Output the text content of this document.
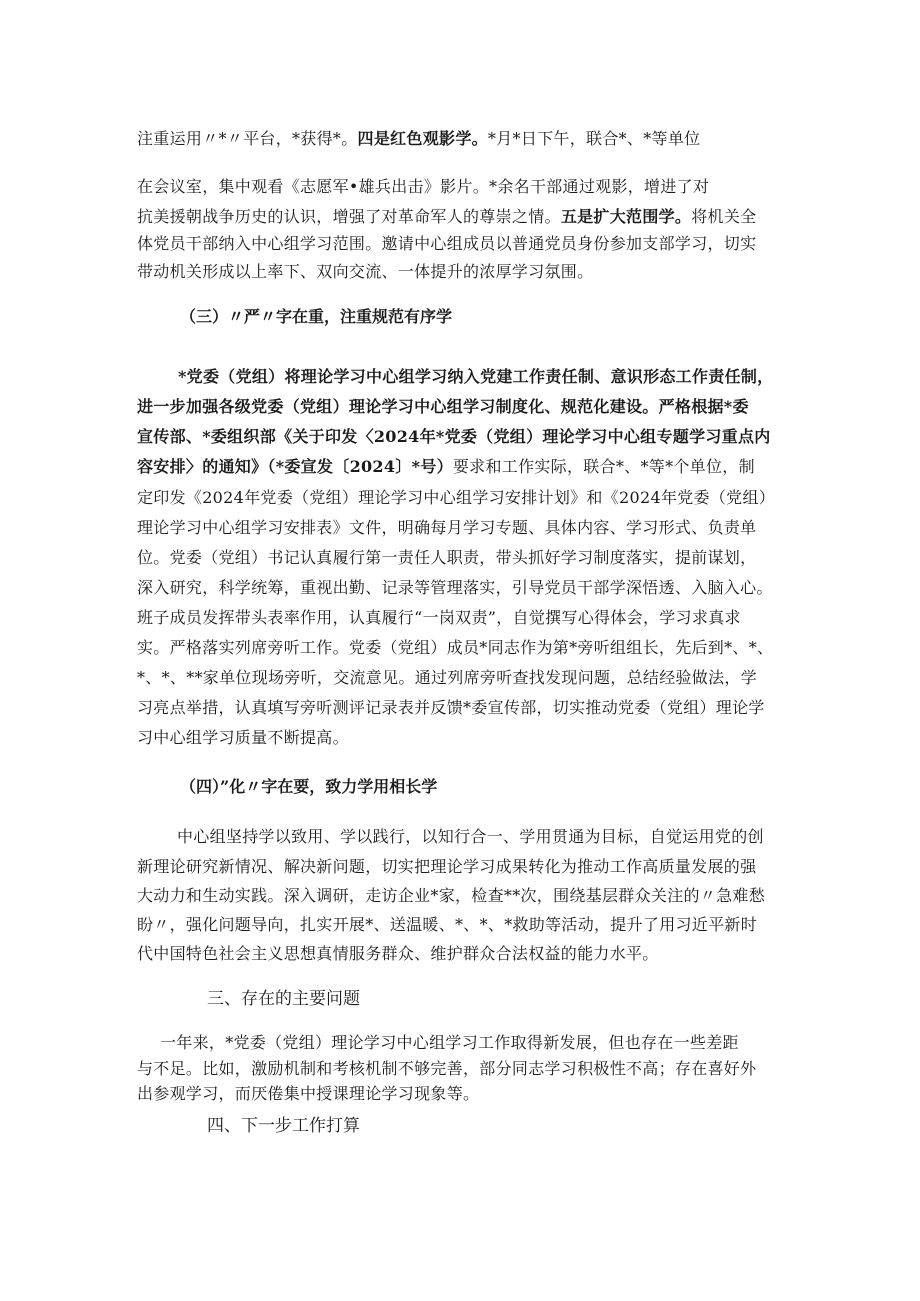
注重运用〃*〃平台，*获得*。四是红色观影学。*月*日下午，联合*、*等单位
在会议室，集中观看《志愿军•雄兵出击》影片。*余名干部通过观影，增进了对
抗美援朝战争历史的认识，增强了对革命军人的尊崇之情。五是扩大范围学。将机关全
体党员干部纳入中心组学习范围。邀请中心组成员以普通党员身份参加支部学习，切实
带动机关形成以上率下、双向交流、一体提升的浓厚学习氛围。
（三）〃严〃字在重，注重规范有序学
*党委（党组）将理论学习中心组学习纳入党建工作责任制、意识形态工作责任制，
进一步加强各级党委（党组）理论学习中心组学习制度化、规范化建设。严格根据*委
宣传部、*委组织部《关于印发〈2024年*党委（党组）理论学习中心组专题学习重点内
容安排〉的通知》（*委宣发〔2024〕*号）要求和工作实际，联合*、*等*个单位，制
定印发《2024年党委（党组）理论学习中心组学习安排计划》和《2024年党委（党组）
理论学习中心组学习安排表》文件，明确每月学习专题、具体内容、学习形式、负责单
位。党委（党组）书记认真履行第一责任人职责，带头抓好学习制度落实，提前谋划，
深入研究，科学统筹，重视出勤、记录等管理落实，引导党员干部学深悟透、入脑入心。
班子成员发挥带头表率作用，认真履行“一岗双责”，自觉撰写心得体会，学习求真求
实。严格落实列席旁听工作。党委（党组）成员*同志作为第*旁听组组长，先后到*、*、
*、*、**家单位现场旁听，交流意见。通过列席旁听查找发现问题，总结经验做法，学
习亮点举措，认真填写旁听测评记录表并反馈*委宣传部，切实推动党委（党组）理论学
习中心组学习质量不断提高。
（四）”化〃字在要，致力学用相长学
中心组坚持学以致用、学以践行，以知行合一、学用贯通为目标，自觉运用党的创
新理论研究新情况、解决新问题，切实把理论学习成果转化为推动工作高质量发展的强
大动力和生动实践。深入调研，走访企业*家，检查**次，围绕基层群众关注的〃急难愁
盼〃，强化问题导向，扎实开展*、送温暖、*、*、*救助等活动，提升了用习近平新时
代中国特色社会主义思想真情服务群众、维护群众合法权益的能力水平。
三、存在的主要问题
一年来，*党委（党组）理论学习中心组学习工作取得新发展，但也存在一些差距
与不足。比如，激励机制和考核机制不够完善，部分同志学习积极性不高；存在喜好外
出参观学习，而厌倦集中授课理论学习现象等。
四、下一步工作打算
